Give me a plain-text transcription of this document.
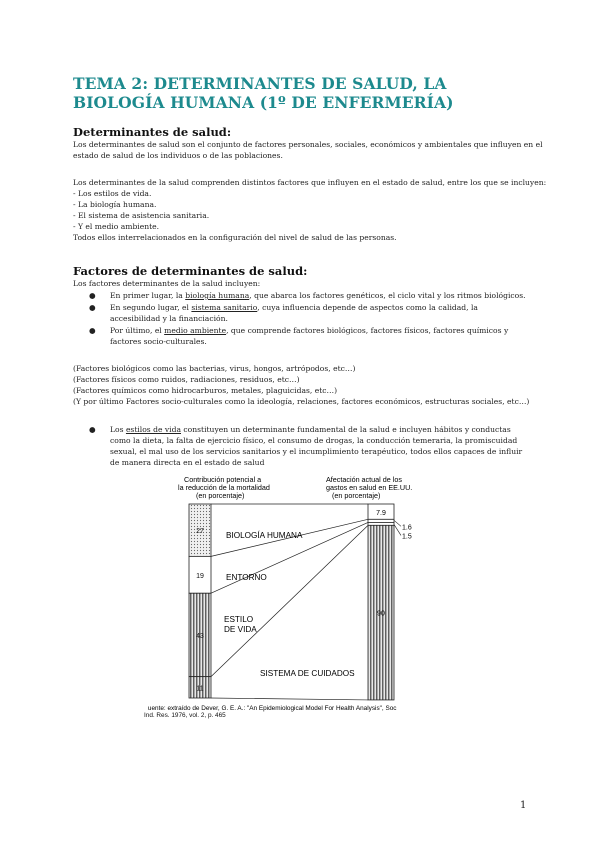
TEMA 2: DETERMINANTES DE SALUD, LA BIOLOGÍA HUMANA (1º DE ENFERMERÍA)
Determinantes de salud:
Los determinantes de salud son el conjunto de factores personales, sociales, económicos y ambientales que influyen en el
estado de salud de los individuos o de las poblaciones.
Los determinantes de la salud comprenden distintos factores que influyen en el estado de salud, entre los que se incluyen:
- Los estilos de vida.
- La biología humana.
- El sistema de asistencia sanitaria.
- Y el medio ambiente.
Todos ellos interrelacionados en la configuración del nivel de salud de las personas.
Factores de determinantes de salud:
Los factores determinantes de la salud incluyen:
● En primer lugar, la biología humana, que abarca los factores genéticos, el ciclo vital y los ritmos biológicos.
● En segundo lugar, el sistema sanitario, cuya influencia depende de aspectos como la calidad, la accesibilidad y la financiación.
● Por último, el medio ambiente, que comprende factores biológicos, factores físicos, factores químicos y factores socio-culturales.
(Factores biológicos como las bacterias, virus, hongos, artrópodos, etc…)
(Factores físicos como ruidos, radiaciones, residuos, etc…)
(Factores químicos como hidrocarburos, metales, plaguicidas, etc…)
(Y por último Factores socio-culturales como la ideología, relaciones, factores económicos, estructuras sociales, etc…)
● Los estilos de vida constituyen un determinante fundamental de la salud e incluyen hábitos y conductas como la dieta, la falta de ejercicio físico, el consumo de drogas, la conducción temeraria, la promiscuidad sexual, el mal uso de los servicios sanitarios y el incumplimiento terapéutico, todos ellos capaces de influir de manera directa en el estado de salud
Contribución potencial a
la reducción de la mortalidad
(en porcentaje)
Afectación actual de los
gastos en salud en EE.UU.
(en porcentaje)
27
19
43
11
7.9
1.6
1.5
90
BIOLOGÍA HUMANA
ENTORNO
ESTILO
DE VIDA
SISTEMA DE CUIDADOS
Fuente: extraído de Dever, G. E. A.: "An Epidemiological Model For Health Analysis", Soc
Ind. Res. 1976, vol. 2, p. 465
1
